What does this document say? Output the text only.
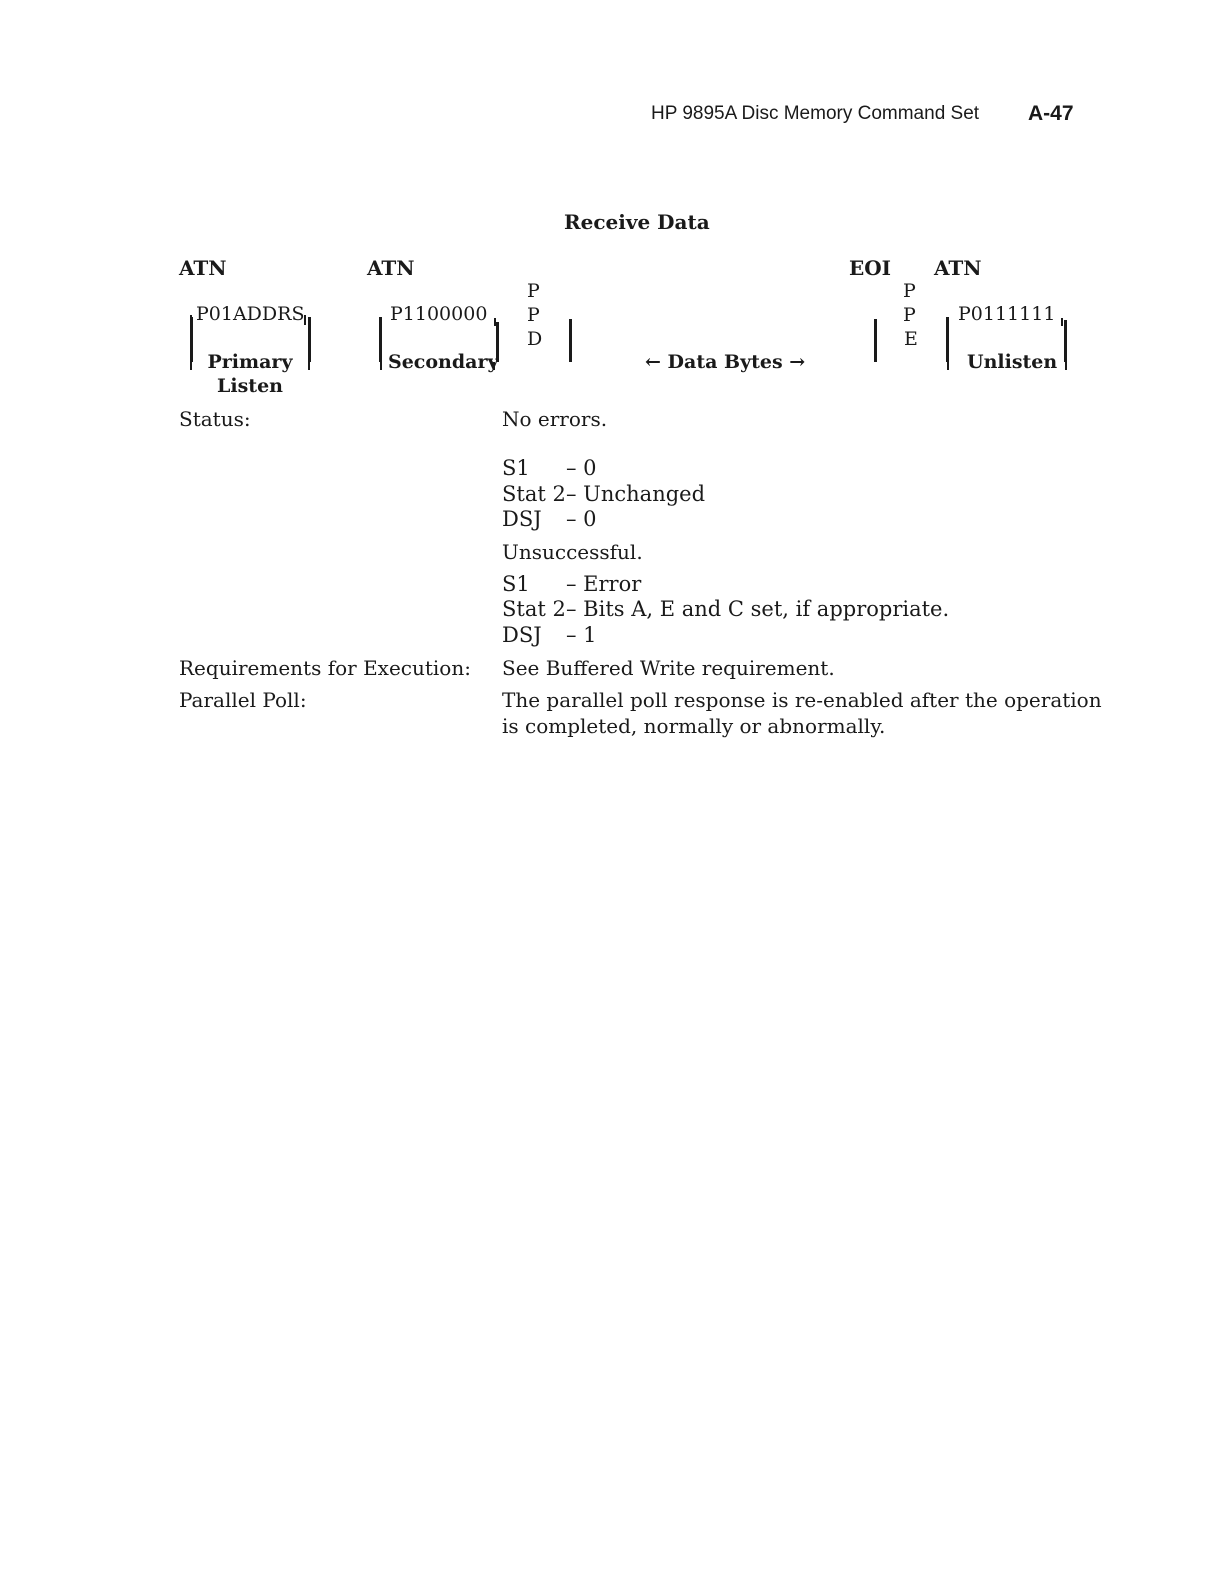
HP 9895A Disc Memory Command Set A-47
Receive Data
ATN	ATN	EOI ATN
P01ADDRS
Primary
Listen
P1100000
Secondary
P
P
D
← Data Bytes →
P
P
E
P0111111
Unlisten
Status:	No errors.
S1 – 0
Stat 2 – Unchanged
DSJ – 0
Unsuccessful.
S1 – Error
Stat 2 – Bits A, E and C set, if appropriate.
DSJ – 1
Requirements for Execution: See Buffered Write requirement.
Parallel Poll:	The parallel poll response is re-enabled after the operation
is completed, normally or abnormally.
